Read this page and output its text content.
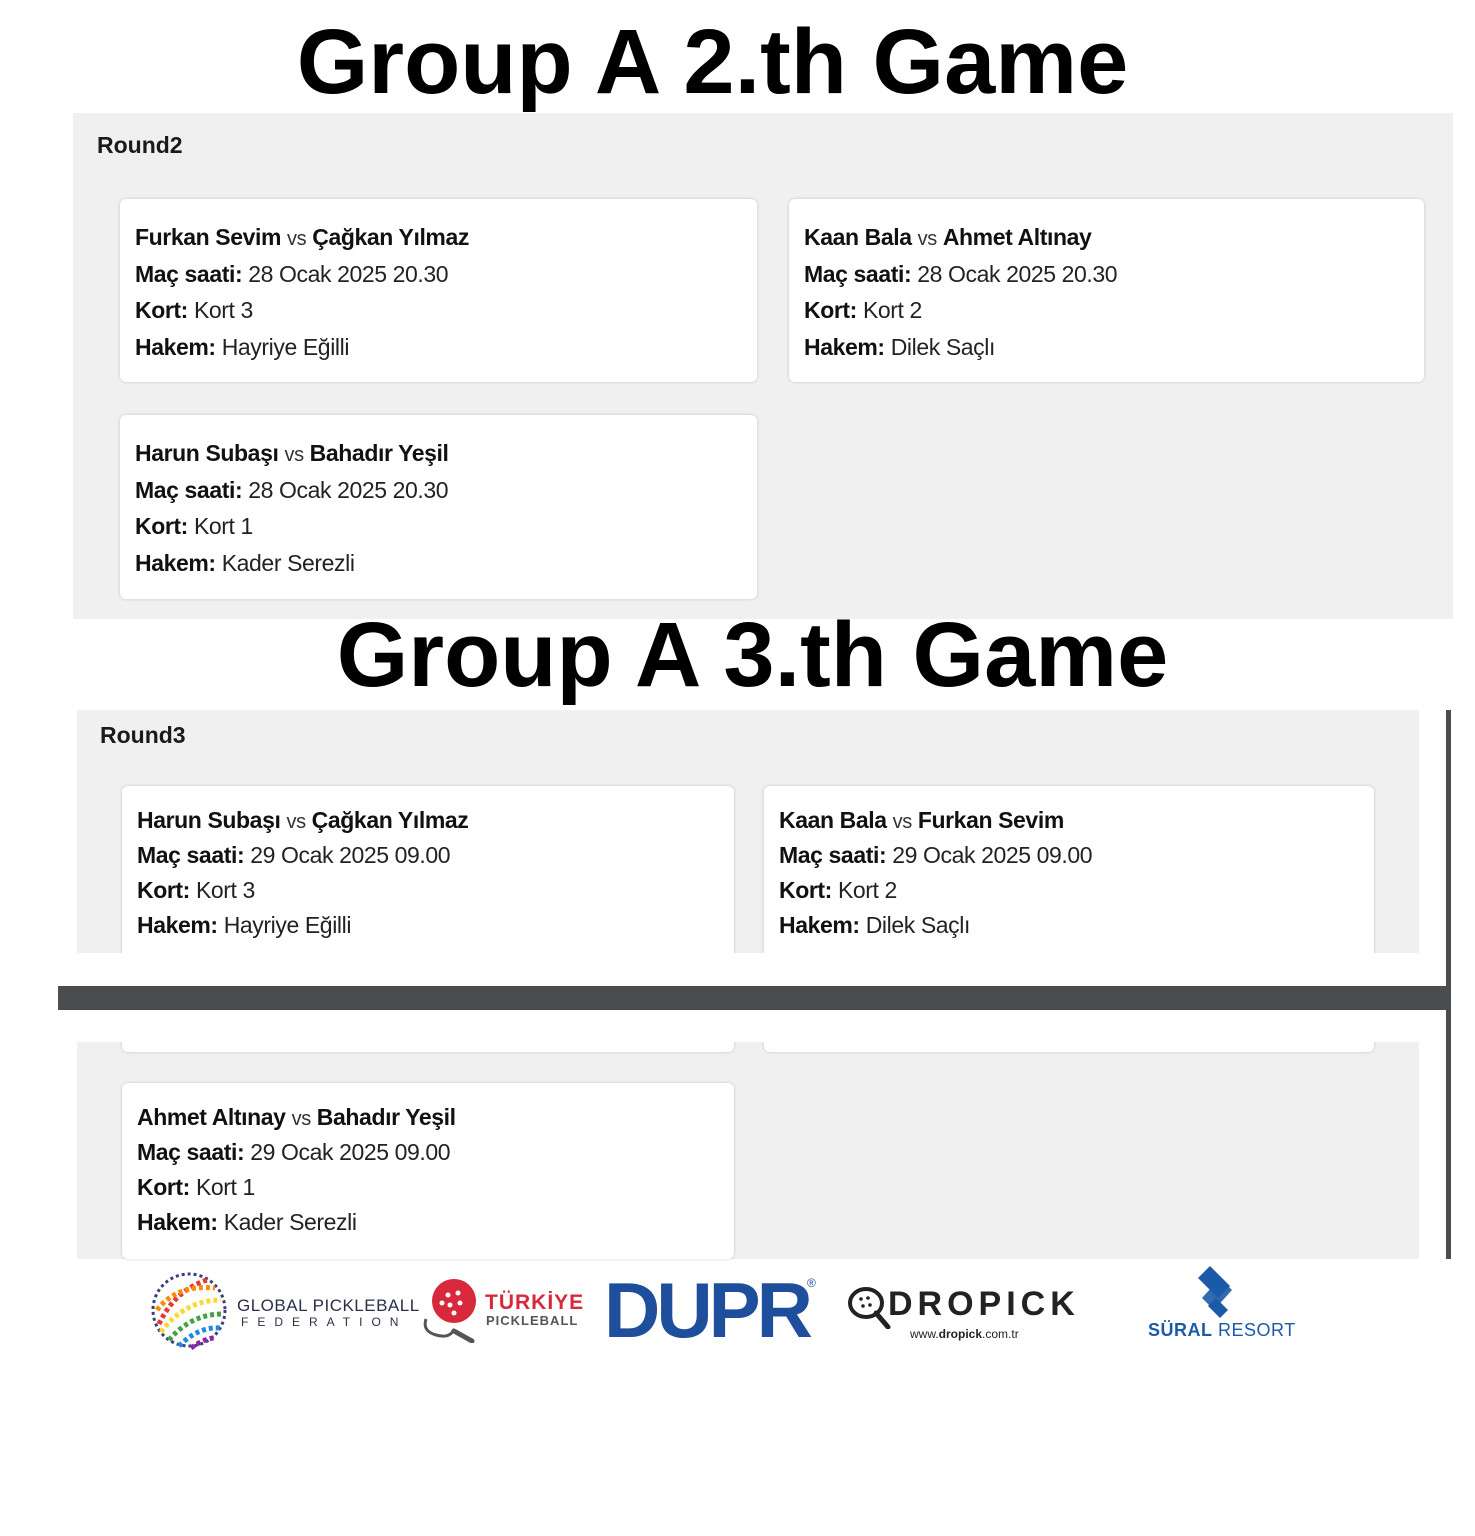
Group A 2.th Game
Round2
Furkan Sevim vs Çağkan Yılmaz
Maç saati: 28 Ocak 2025 20.30
Kort: Kort 3
Hakem: Hayriye Eğilli
Kaan Bala vs Ahmet Altınay
Maç saati: 28 Ocak 2025 20.30
Kort: Kort 2
Hakem: Dilek Saçlı
Harun Subaşı vs Bahadır Yeşil
Maç saati: 28 Ocak 2025 20.30
Kort: Kort 1
Hakem: Kader Serezli
Group A 3.th Game
Round3
Harun Subaşı vs Çağkan Yılmaz
Maç saati: 29 Ocak 2025 09.00
Kort: Kort 3
Hakem: Hayriye Eğilli
Kaan Bala vs Furkan Sevim
Maç saati: 29 Ocak 2025 09.00
Kort: Kort 2
Hakem: Dilek Saçlı
Ahmet Altınay vs Bahadır Yeşil
Maç saati: 29 Ocak 2025 09.00
Kort: Kort 1
Hakem: Kader Serezli
GLOBAL PICKLEBALL
FEDERATION
TÜRKİYE
PICKLEBALL DUPR
®
DROPICK
www.dropick.com.tr	SÜRAL RESORT
